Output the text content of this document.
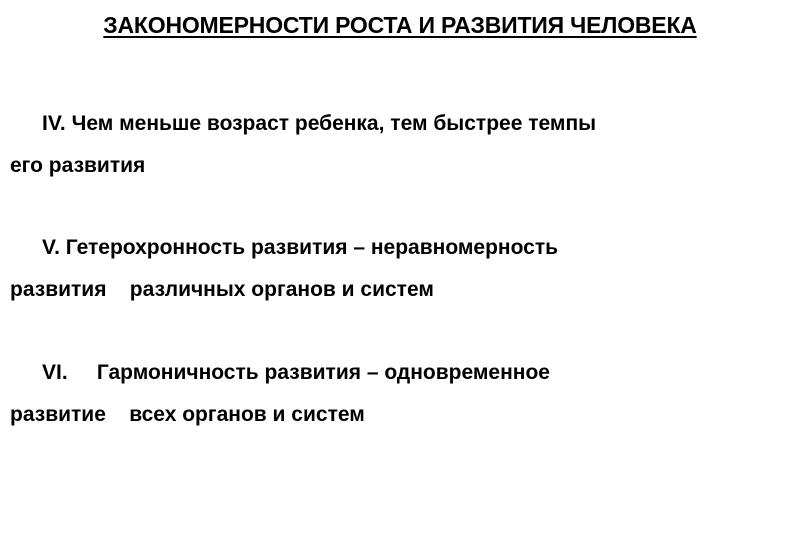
ЗАКОНОМЕРНОСТИ РОСТА И РАЗВИТИЯ ЧЕЛОВЕКА
IV. Чем меньше возраст ребенка, тем быстрее темпы
его развития
V. Гетерохронность развития – неравномерность
развития    различных органов и систем
VI.     Гармоничность развития – одновременное
развитие    всех органов и систем
